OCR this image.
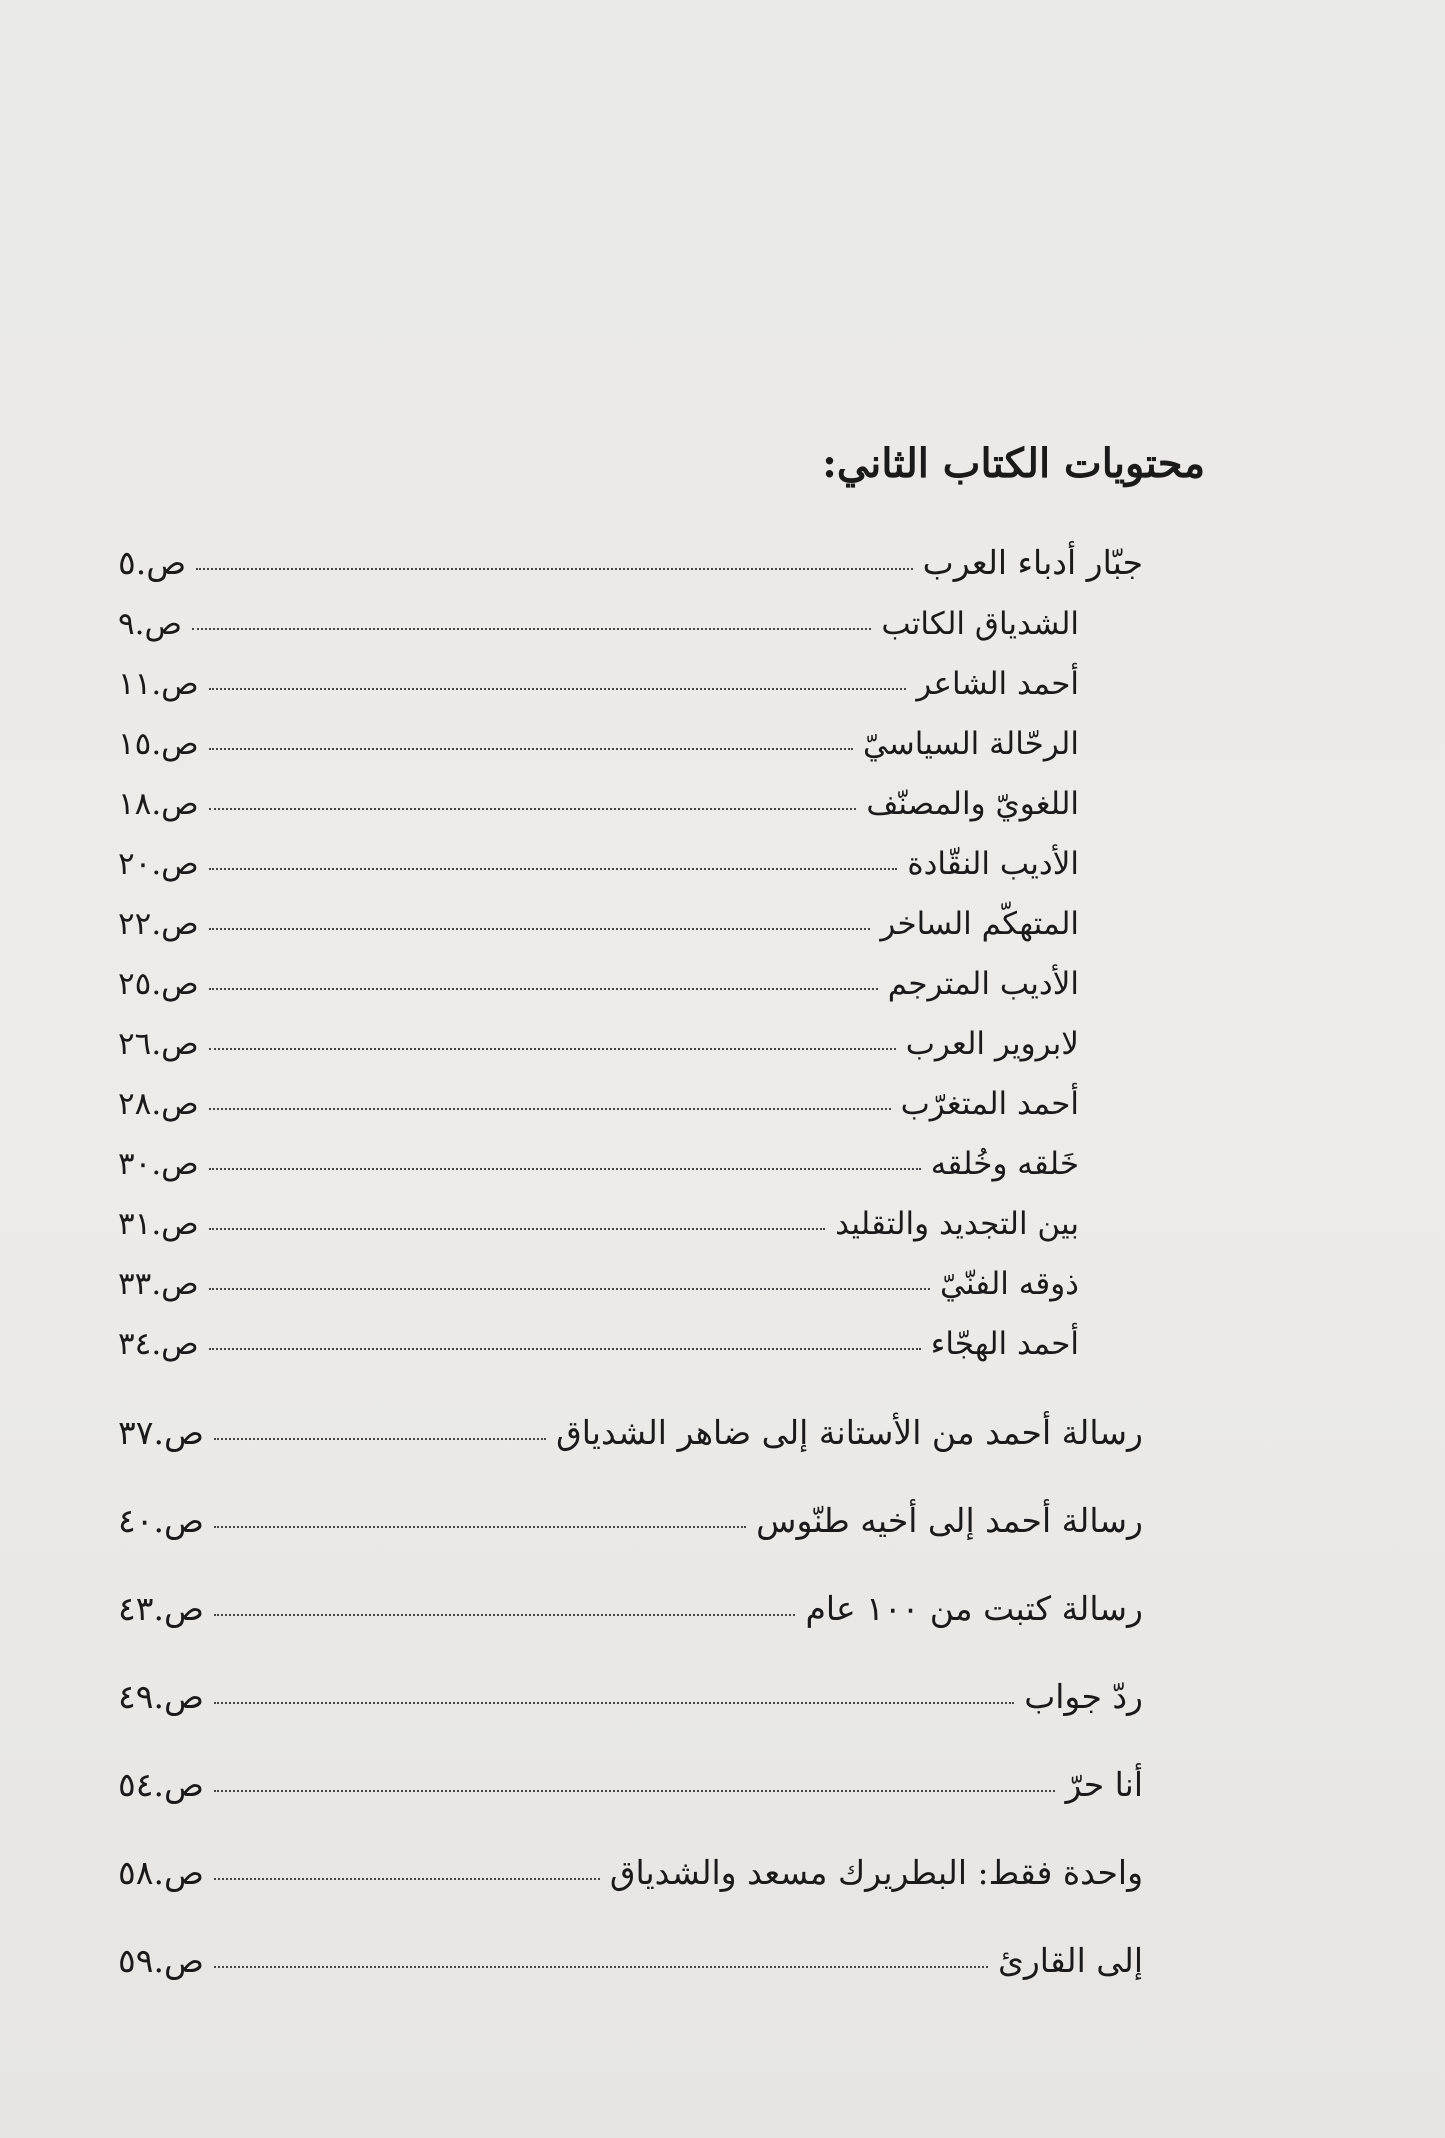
محتويات الكتاب الثاني:
جبّار أدباء العرب
ص.٥
الشدياق الكاتب
ص.٩
أحمد الشاعر
ص.١١
الرحّالة السياسيّ
ص.١٥
اللغويّ والمصنّف
ص.١٨
الأديب النقّادة
ص.٢٠
المتهكّم الساخر
ص.٢٢
الأديب المترجم
ص.٢٥
لابروير العرب
ص.٢٦
أحمد المتغرّب
ص.٢٨
خَلقه وخُلقه
ص.٣٠
بين التجديد والتقليد
ص.٣١
ذوقه الفنّيّ
ص.٣٣
أحمد الهجّاء
ص.٣٤
رسالة أحمد من الأستانة إلى ضاهر الشدياق
ص.٣٧
رسالة أحمد إلى أخيه طنّوس
ص.٤٠
رسالة كتبت من ١٠٠ عام
ص.٤٣
ردّ جواب
ص.٤٩
أنا حرّ
ص.٥٤
واحدة فقط: البطريرك مسعد والشدياق
ص.٥٨
إلى القارئ
ص.٥٩
